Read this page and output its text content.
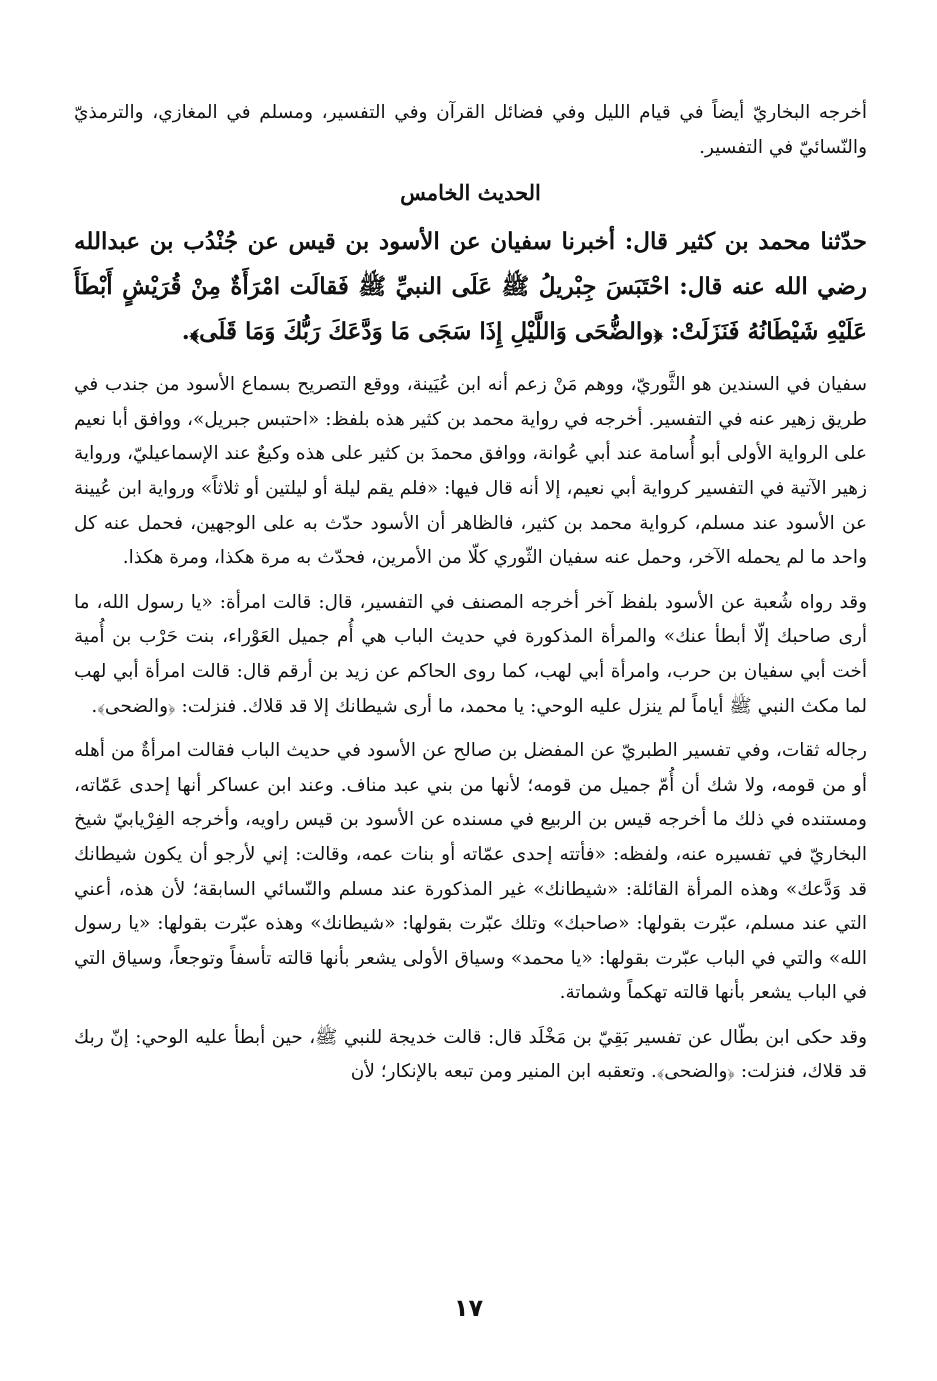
أخرجه البخاريّ أيضاً في قيام الليل وفي فضائل القرآن وفي التفسير، ومسلم في المغازي، والترمذيّ والنّسائيّ في التفسير.

الحديث الخامس

حدّثنا محمد بن كثير قال: أخبرنا سفيان عن الأسود بن قيس عن جُنْدُب بن عبدالله رضي الله عنه قال: احْتَبَسَ جِبْريلُ ﷺ عَلَى النبيِّ ﷺ فَقالَت امْرَأَةٌ مِنْ قُرَيْشٍ أَبْطَأَ عَلَيْهِ شَيْطَانُهُ فَنَزَلَتْ: ﴿والضُّحَى وَاللَّيْلِ إِذَا سَجَى مَا وَدَّعَكَ رَبُّكَ وَمَا قَلَى﴾.

سفيان في السندين هو الثَّوريّ، ووهم مَنْ زعم أنه ابن عُيَينة، ووقع التصريح بسماع الأسود من جندب في طريق زهير عنه في التفسير. أخرجه في رواية محمد بن كثير هذه بلفظ: «احتبس جبريل»، ووافق أبا نعيم على الرواية الأولى أبو أُسامة عند أبي عُوانة، ووافق محمدَ بن كثير على هذه وكيعٌ عند الإسماعيليّ، ورواية زهير الآتية في التفسير كرواية أبي نعيم، إلا أنه قال فيها: «فلم يقم ليلة أو ليلتين أو ثلاثاً» ورواية ابن عُيينة عن الأسود عند مسلم، كرواية محمد بن كثير، فالظاهر أن الأسود حدّث به على الوجهين، فحمل عنه كل واحد ما لم يحمله الآخر، وحمل عنه سفيان الثّوري كلّا من الأمرين، فحدّث به مرة هكذا، ومرة هكذا.

وقد رواه شُعبة عن الأسود بلفظ آخر أخرجه المصنف في التفسير، قال: قالت امرأة: «يا رسول الله، ما أرى صاحبك إلّا أبطأ عنك» والمرأة المذكورة في حديث الباب هي أُم جميل العَوْراء، بنت حَرْب بن أُمية أخت أبي سفيان بن حرب، وامرأة أبي لهب، كما روى الحاكم عن زيد بن أرقم قال: قالت امرأة أبي لهب لما مكث النبي ﷺ أياماً لم ينزل عليه الوحي: يا محمد، ما أرى شيطانك إلا قد قلاك. فنزلت: ﴿والضحى﴾.

رجاله ثقات، وفي تفسير الطبريّ عن المفضل بن صالح عن الأسود في حديث الباب فقالت امرأةٌ من أهله أو من قومه، ولا شك أن أُمّ جميل من قومه؛ لأنها من بني عبد مناف. وعند ابن عساكر أنها إحدى عَمّاته، ومستنده في ذلك ما أخرجه قيس بن الربيع في مسنده عن الأسود بن قيس راويه، وأخرجه الفِرْيابيّ شيخ البخاريّ في تفسيره عنه، ولفظه: «فأتته إحدى عمّاته أو بنات عمه، وقالت: إني لأرجو أن يكون شيطانك قد وَدَّعك» وهذه المرأة القائلة: «شيطانك» غير المذكورة عند مسلم والنّسائي السابقة؛ لأن هذه، أعني التي عند مسلم، عبّرت بقولها: «صاحبك» وتلك عبّرت بقولها: «شيطانك» وهذه عبّرت بقولها: «يا رسول الله» والتي في الباب عبّرت بقولها: «يا محمد» وسياق الأولى يشعر بأنها قالته تأسفاً وتوجعاً، وسياق التي في الباب يشعر بأنها قالته تهكماً وشماتة.

وقد حكى ابن بطّال عن تفسير بَقِيّ بن مَخْلَد قال: قالت خديجة للنبي ﷺ، حين أبطأ عليه الوحي: إنّ ربك قد قلاك، فنزلت: ﴿والضحى﴾. وتعقبه ابن المنير ومن تبعه بالإنكار؛ لأن

١٧
